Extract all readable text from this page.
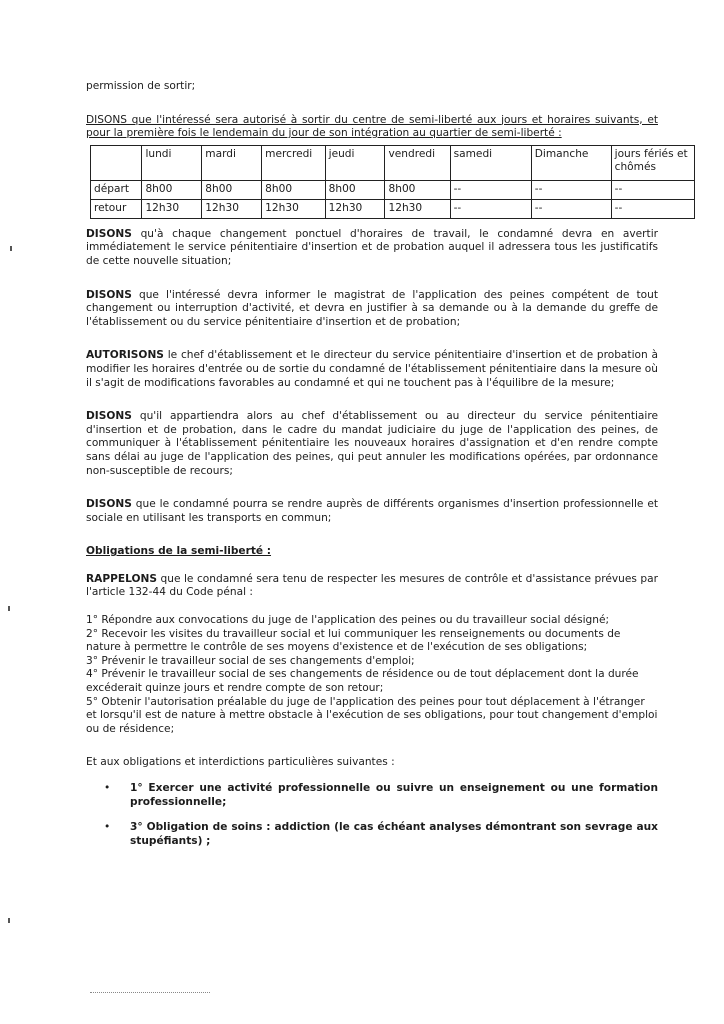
permission de sortir;

DISONS que l'intéressé sera autorisé à sortir du centre de semi-liberté aux jours et horaires suivants, et pour la première fois le lendemain du jour de son intégration au quartier de semi-liberté :

	lundi	mardi	mercredi	jeudi	vendredi	samedi	Dimanche	jours fériés et chômés
départ	8h00	8h00	8h00	8h00	8h00	--	--	--
retour	12h30	12h30	12h30	12h30	12h30	--	--	--

DISONS qu'à chaque changement ponctuel d'horaires de travail, le condamné devra en avertir immédiatement le service pénitentiaire d'insertion et de probation auquel il adressera tous les justificatifs de cette nouvelle situation;

DISONS que l'intéressé devra informer le magistrat de l'application des peines compétent de tout changement ou interruption d'activité, et devra en justifier à sa demande ou à la demande du greffe de l'établissement ou du service pénitentiaire d'insertion et de probation;

AUTORISONS le chef d'établissement et le directeur du service pénitentiaire d'insertion et de probation à modifier les horaires d'entrée ou de sortie du condamné de l'établissement pénitentiaire dans la mesure où il s'agit de modifications favorables au condamné et qui ne touchent pas à l'équilibre de la mesure;

DISONS qu'il appartiendra alors au chef d'établissement ou au directeur du service pénitentiaire d'insertion et de probation, dans le cadre du mandat judiciaire du juge de l'application des peines, de communiquer à l'établissement pénitentiaire les nouveaux horaires d'assignation et d'en rendre compte sans délai au juge de l'application des peines, qui peut annuler les modifications opérées, par ordonnance non-susceptible de recours;

DISONS que le condamné pourra se rendre auprès de différents organismes d'insertion professionnelle et sociale en utilisant les transports en commun;

Obligations de la semi-liberté :

RAPPELONS que le condamné sera tenu de respecter les mesures de contrôle et d'assistance prévues par l'article 132-44 du Code pénal :

1° Répondre aux convocations du juge de l'application des peines ou du travailleur social désigné;

2° Recevoir les visites du travailleur social et lui communiquer les renseignements ou documents de nature à permettre le contrôle de ses moyens d'existence et de l'exécution de ses obligations;

3° Prévenir le travailleur social de ses changements d'emploi;

4° Prévenir le travailleur social de ses changements de résidence ou de tout déplacement dont la durée excéderait quinze jours et rendre compte de son retour;

5° Obtenir l'autorisation préalable du juge de l'application des peines pour tout déplacement à l'étranger et lorsqu'il est de nature à mettre obstacle à l'exécution de ses obligations, pour tout changement d'emploi ou de résidence;

Et aux obligations et interdictions particulières suivantes :

• 1° Exercer une activité professionnelle ou suivre un enseignement ou une formation professionnelle;

• 3° Obligation de soins : addiction (le cas échéant analyses démontrant son sevrage aux stupéfiants) ;
